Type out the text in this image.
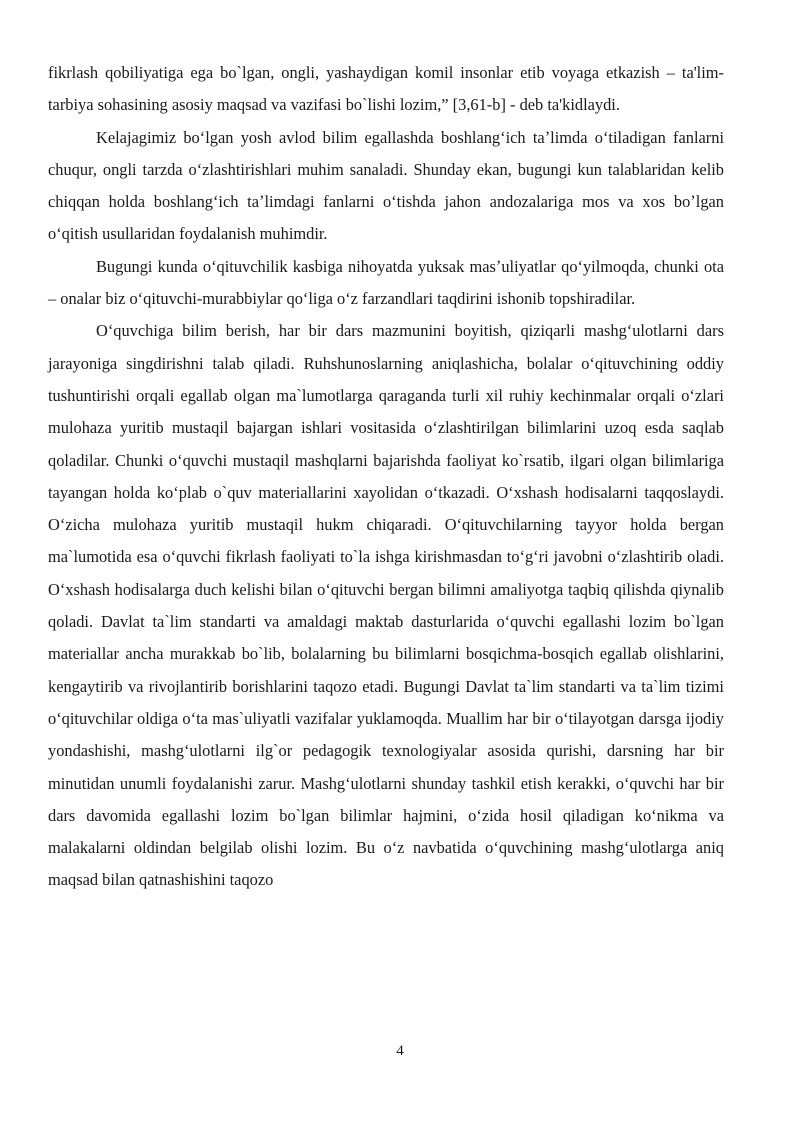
fikrlash qobiliyatiga ega bo`lgan, ongli, yashaydigan komil insonlar etib voyaga etkazish – ta'lim-tarbiya sohasining asosiy maqsad va vazifasi bo`lishi lozim,” [3,61-b] - deb ta'kidlaydi.

Kelajagimiz boʻlgan yosh avlod bilim egallashda boshlangʻich taʼlimda oʻtiladigan fanlarni chuqur, ongli tarzda oʻzlashtirishlari muhim sanaladi. Shunday ekan, bugungi kun talablaridan kelib chiqqan holda boshlangʻich taʼlimdagi fanlarni oʻtishda jahon andozalariga mos va xos boʼlgan oʻqitish usullaridan foydalanish muhimdir.

Bugungi kunda oʻqituvchilik kasbiga nihoyatda yuksak masʼuliyatlar qoʻyilmoqda, chunki ota – onalar biz oʻqituvchi-murabbiylar qoʻliga oʻz farzandlari taqdirini ishonib topshiradilar.

Oʻquvchiga bilim berish, har bir dars mazmunini boyitish, qiziqarli mashgʻulotlarni dars jarayoniga singdirishni talab qiladi. Ruhshunoslarning aniqlashicha, bolalar oʻqituvchining oddiy tushuntirishi orqali egallab olgan ma`lumotlarga qaraganda turli xil ruhiy kechinmalar orqali oʻzlari mulohaza yuritib mustaqil bajargan ishlari vositasida oʻzlashtirilgan bilimlarini uzoq esda saqlab qoladilar. Chunki oʻquvchi mustaqil mashqlarni bajarishda faoliyat ko`rsatib, ilgari olgan bilimlariga tayangan holda koʻplab o`quv materiallarini xayolidan oʻtkazadi. Oʻxshash hodisalarni taqqoslaydi. Oʻzicha mulohaza yuritib mustaqil hukm chiqaradi. Oʻqituvchilarning tayyor holda bergan ma`lumotida esa oʻquvchi fikrlash faoliyati to`la ishga kirishmasdan toʻgʻri javobni oʻzlashtirib oladi. Oʻxshash hodisalarga duch kelishi bilan oʻqituvchi bergan bilimni amaliyotga taqbiq qilishda qiynalib qoladi. Davlat ta`lim standarti va amaldagi maktab dasturlarida oʻquvchi egallashi lozim bo`lgan materiallar ancha murakkab bo`lib, bolalarning bu bilimlarni bosqichma-bosqich egallab olishlarini, kengaytirib va rivojlantirib borishlarini taqozo etadi. Bugungi Davlat ta`lim standarti va ta`lim tizimi oʻqituvchilar oldiga oʻta mas`uliyatli vazifalar yuklamoqda. Muallim har bir oʻtilayotgan darsga ijodiy yondashishi, mashgʻulotlarni ilg`or pedagogik texnologiyalar asosida qurishi, darsning har bir minutidan unumli foydalanishi zarur. Mashgʻulotlarni shunday tashkil etish kerakki, oʻquvchi har bir dars davomida egallashi lozim bo`lgan bilimlar hajmini, oʻzida hosil qiladigan koʻnikma va malakalarni oldindan belgilab olishi lozim. Bu oʻz navbatida oʻquvchining mashgʻulotlarga aniq maqsad bilan qatnashishini taqozo

4
